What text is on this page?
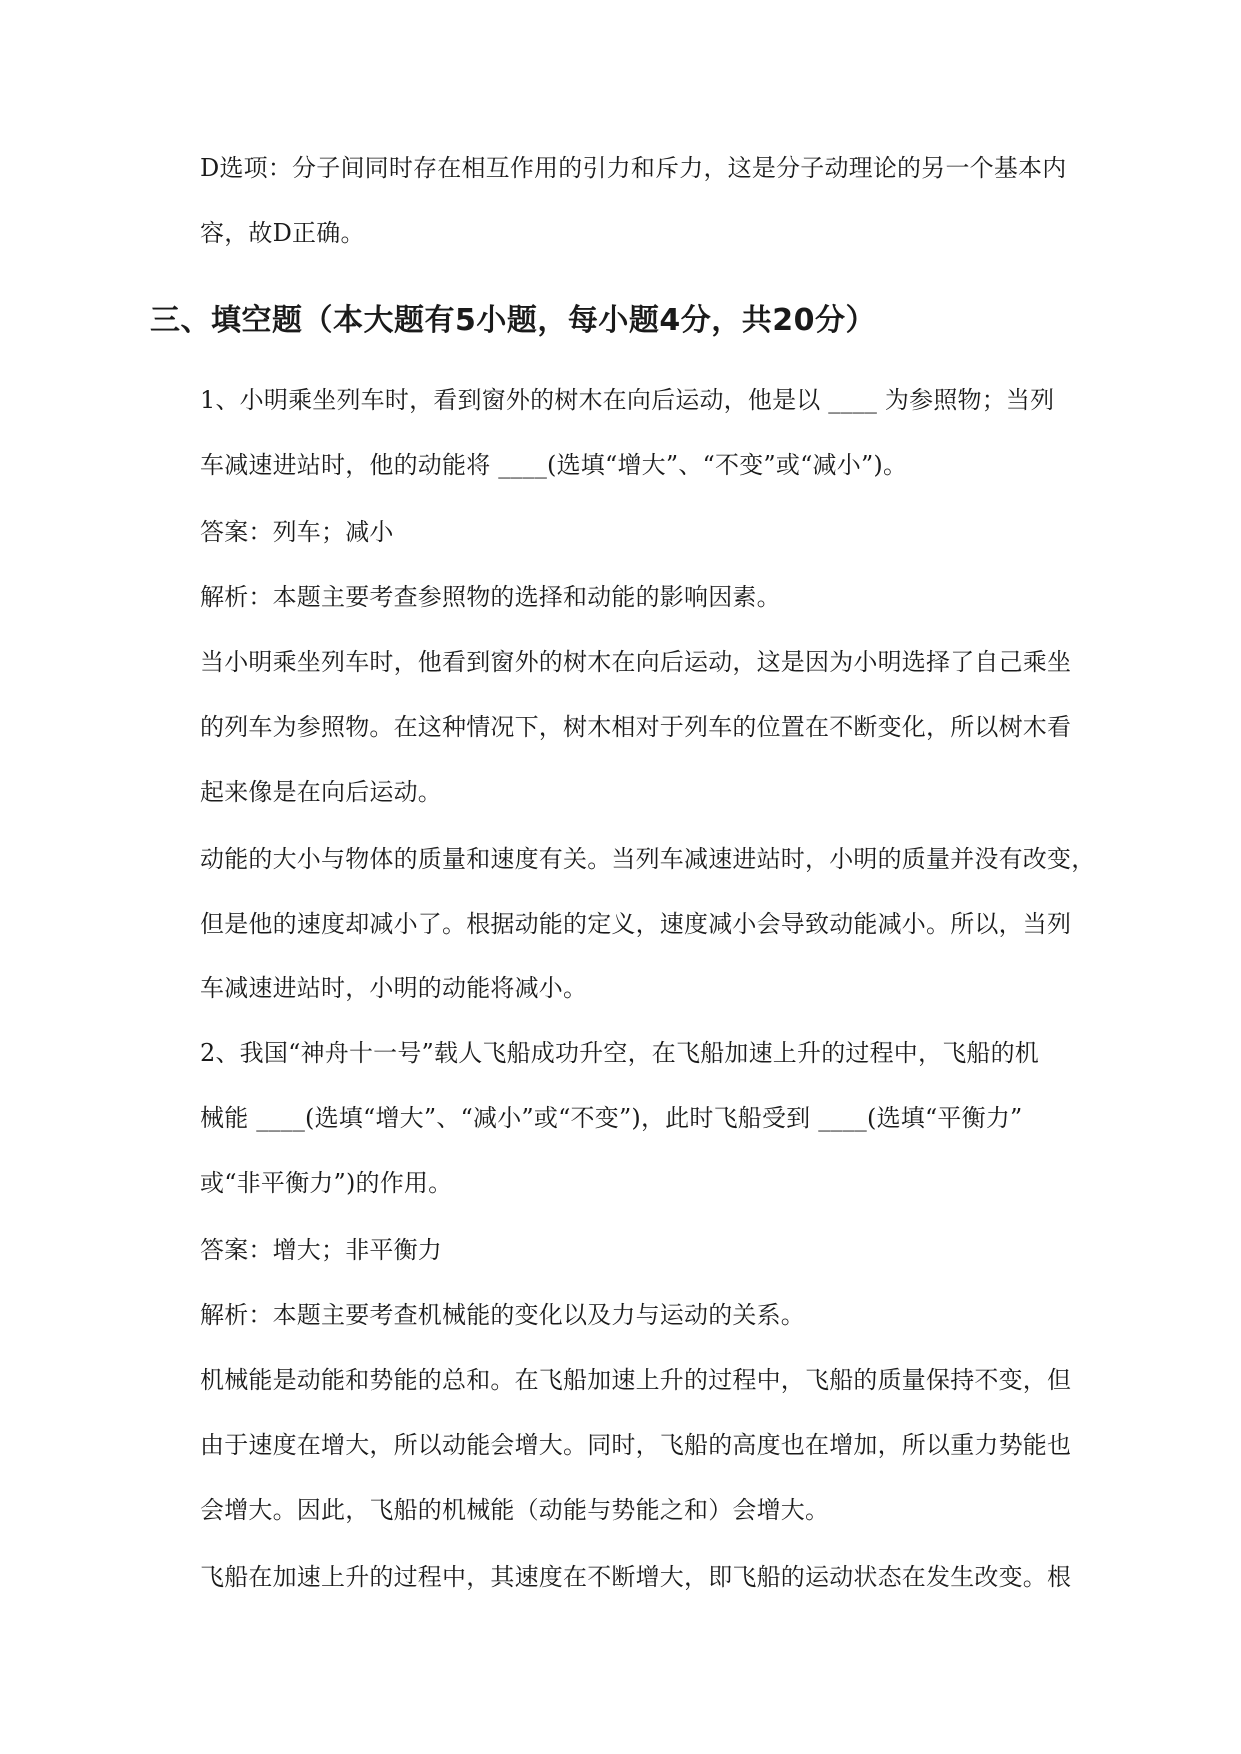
D选项：分子间同时存在相互作用的引力和斥力，这是分子动理论的另一个基本内
容，故D正确。
三、填空题（本大题有5小题，每小题4分，共20分）
1、小明乘坐列车时，看到窗外的树木在向后运动，他是以 ____ 为参照物；当列
车减速进站时，他的动能将 ____(选填“增大”、“不变”或“减小”)。
答案：列车；减小
解析：本题主要考查参照物的选择和动能的影响因素。
当小明乘坐列车时，他看到窗外的树木在向后运动，这是因为小明选择了自己乘坐
的列车为参照物。在这种情况下，树木相对于列车的位置在不断变化，所以树木看
起来像是在向后运动。
动能的大小与物体的质量和速度有关。当列车减速进站时，小明的质量并没有改变，
但是他的速度却减小了。根据动能的定义，速度减小会导致动能减小。所以，当列
车减速进站时，小明的动能将减小。
2、我国“神舟十一号”载人飞船成功升空，在飞船加速上升的过程中，飞船的机
械能 ____(选填“增大”、“减小”或“不变”)，此时飞船受到 ____(选填“平衡力”
或“非平衡力”)的作用。
答案：增大；非平衡力
解析：本题主要考查机械能的变化以及力与运动的关系。
机械能是动能和势能的总和。在飞船加速上升的过程中，飞船的质量保持不变，但
由于速度在增大，所以动能会增大。同时，飞船的高度也在增加，所以重力势能也
会增大。因此，飞船的机械能（动能与势能之和）会增大。
飞船在加速上升的过程中，其速度在不断增大，即飞船的运动状态在发生改变。根
